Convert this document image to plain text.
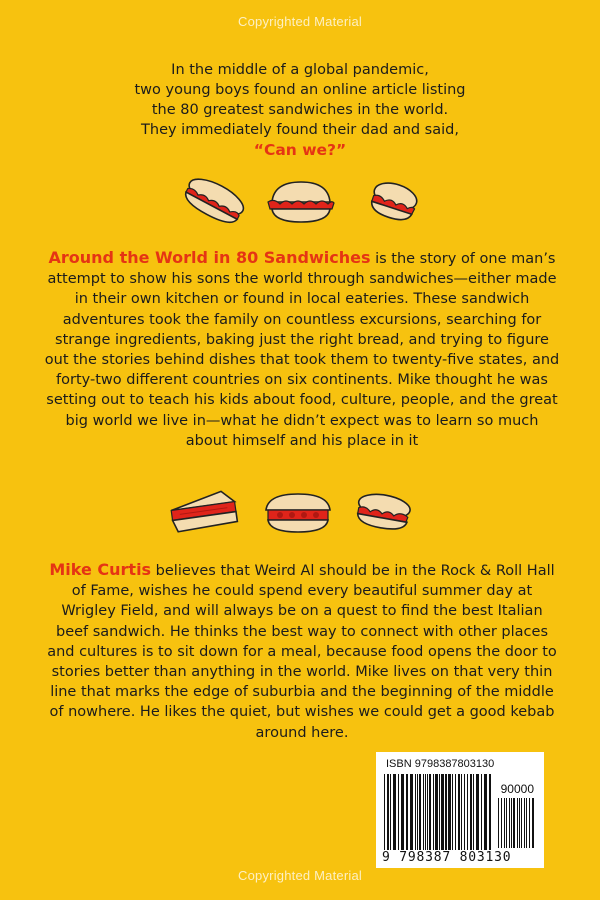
Copyrighted Material
In the middle of a global pandemic,
two young boys found an online article listing
the 80 greatest sandwiches in the world.
They immediately found their dad and said,
“Can we?”
Around the World in 80 Sandwiches is the story of one man’s attempt to show his sons the world through sandwiches—either made in their own kitchen or found in local eateries. These sandwich adventures took the family on countless excursions, searching for strange ingredients, baking just the right bread, and trying to figure out the stories behind dishes that took them to twenty-five states, and forty-two different countries on six continents. Mike thought he was setting out to teach his kids about food, culture, people, and the great big world we live in—what he didn’t expect was to learn so much about himself and his place in it
Mike Curtis believes that Weird Al should be in the Rock & Roll Hall of Fame, wishes he could spend every beautiful summer day at Wrigley Field, and will always be on a quest to find the best Italian beef sandwich. He thinks the best way to connect with other places and cultures is to sit down for a meal, because food opens the door to stories better than anything in the world. Mike lives on that very thin line that marks the edge of suburbia and the beginning of the middle of nowhere. He likes the quiet, but wishes we could get a good kebab around here.
ISBN 9798387803130
90000
9 798387 803130
Copyrighted Material
